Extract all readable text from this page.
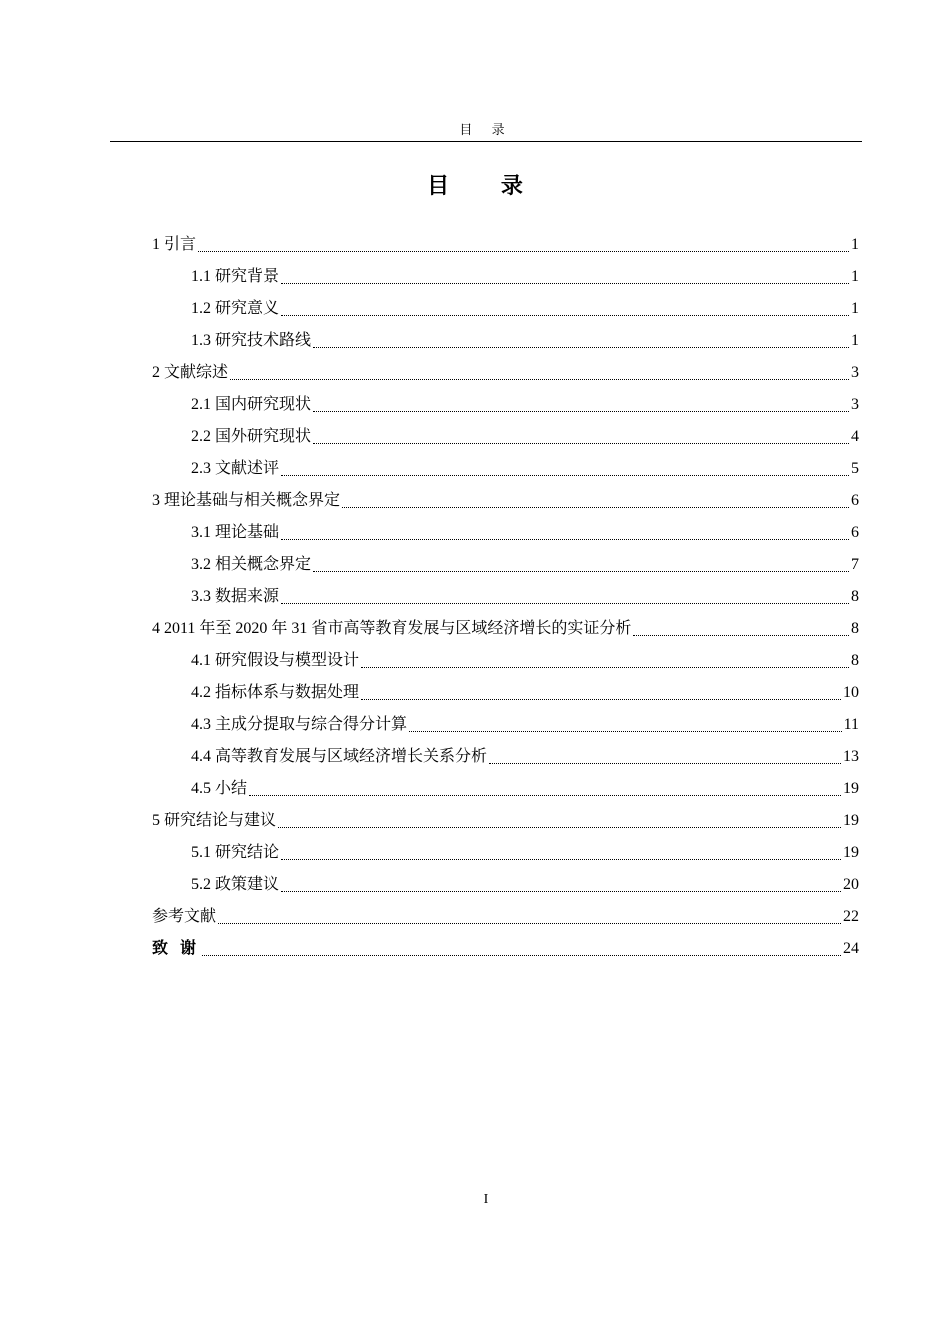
目 录
目 录
1 引言	1
1.1 研究背景	1
1.2 研究意义	1
1.3 研究技术路线	1
2 文献综述	3
2.1 国内研究现状	3
2.2 国外研究现状	4
2.3 文献述评	5
3 理论基础与相关概念界定	6
3.1 理论基础	6
3.2 相关概念界定	7
3.3 数据来源	8
4 2011 年至 2020 年 31 省市高等教育发展与区域经济增长的实证分析	8
4.1 研究假设与模型设计	8
4.2 指标体系与数据处理	10
4.3 主成分提取与综合得分计算	11
4.4 高等教育发展与区域经济增长关系分析	13
4.5 小结	19
5 研究结论与建议	19
5.1 研究结论	19
5.2 政策建议	20
参考文献	22
致 谢	24
I
